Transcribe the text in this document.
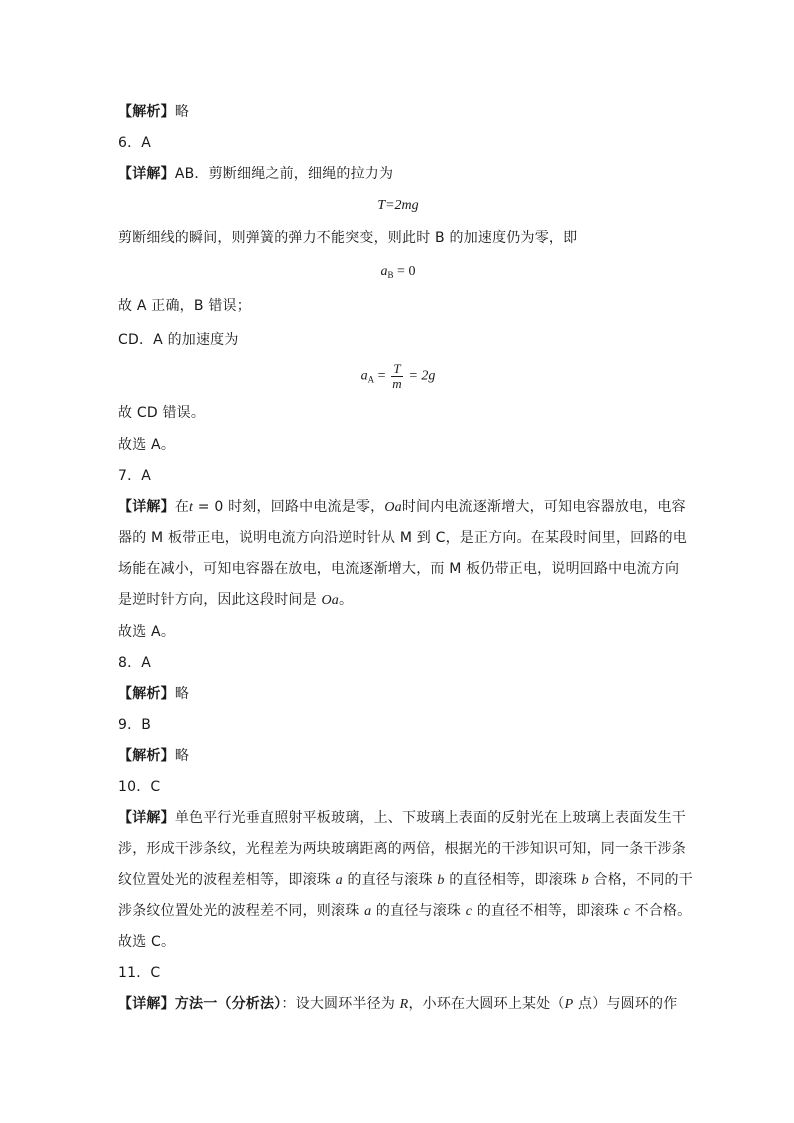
【解析】略
6．A
【详解】AB．剪断细绳之前，细绳的拉力为
T=2mg
剪断细线的瞬间，则弹簧的弹力不能突变，则此时 B 的加速度仍为零，即
$a_B = 0$
故 A 正确，B 错误；
CD．A 的加速度为
$a_A = \frac{T}{m} = 2g$
故 CD 错误。
故选 A。
7．A
【详解】在t = 0 时刻，回路中电流是零，Oa时间内电流逐渐增大，可知电容器放电，电容
器的 M 板带正电，说明电流方向沿逆时针从 M 到 C，是正方向。在某段时间里，回路的电
场能在减小，可知电容器在放电，电流逐渐增大，而 M 板仍带正电，说明回路中电流方向
是逆时针方向，因此这段时间是 Oa。
故选 A。
8．A
【解析】略
9．B
【解析】略
10．C
【详解】单色平行光垂直照射平板玻璃，上、下玻璃上表面的反射光在上玻璃上表面发生干
涉，形成干涉条纹，光程差为两块玻璃距离的两倍，根据光的干涉知识可知，同一条干涉条
纹位置处光的波程差相等，即滚珠 a 的直径与滚珠 b 的直径相等，即滚珠 b 合格，不同的干
涉条纹位置处光的波程差不同，则滚珠 a 的直径与滚珠 c 的直径不相等，即滚珠 c 不合格。
故选 C。
11．C
【详解】方法一（分析法）：设大圆环半径为 R，小环在大圆环上某处（P 点）与圆环的作
